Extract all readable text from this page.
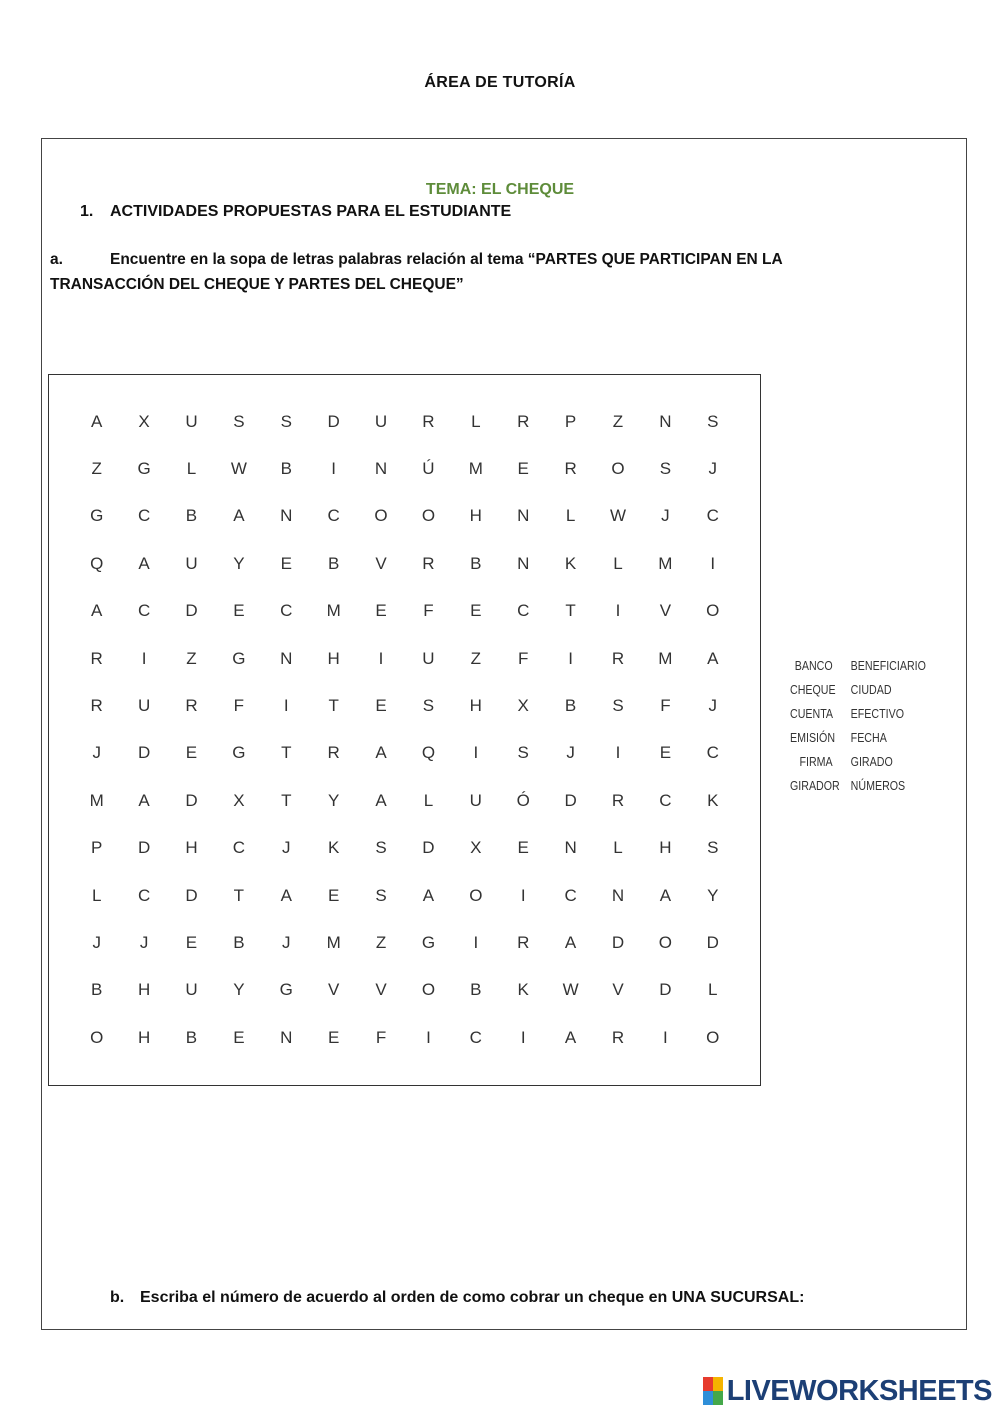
ÁREA DE TUTORÍA
TEMA: EL CHEQUE
1. ACTIVIDADES PROPUESTAS PARA EL ESTUDIANTE
a.	Encuentre en la sopa de letras palabras relación al tema “PARTES QUE PARTICIPAN EN LA TRANSACCIÓN DEL CHEQUE Y PARTES DEL CHEQUE”
A	X	U	S	S	D	U	R	L	R	P	Z	N	S
Z	G	L	W	B	I	N	Ú	M	E	R	O	S	J
G	C	B	A	N	C	O	O	H	N	L	W	J	C
Q	A	U	Y	E	B	V	R	B	N	K	L	M	I
A	C	D	E	C	M	E	F	E	C	T	I	V	O
R	I	Z	G	N	H	I	U	Z	F	I	R	M	A
R	U	R	F	I	T	E	S	H	X	B	S	F	J
J	D	E	G	T	R	A	Q	I	S	J	I	E	C
M	A	D	X	T	Y	A	L	U	Ó	D	R	C	K
P	D	H	C	J	K	S	D	X	E	N	L	H	S
L	C	D	T	A	E	S	A	O	I	C	N	A	Y
J	J	E	B	J	M	Z	G	I	R	A	D	O	D
B	H	U	Y	G	V	V	O	B	K	W	V	D	L
O	H	B	E	N	E	F	I	C	I	A	R	I	O
BANCO BENEFICIARIO
CHEQUE CIUDAD
CUENTA EFECTIVO
EMISIÓN FECHA
FIRMA GIRADO
GIRADOR NÚMEROS
b. Escriba el número de acuerdo al orden de como cobrar un cheque en UNA SUCURSAL:
LIVEWORKSHEETS
